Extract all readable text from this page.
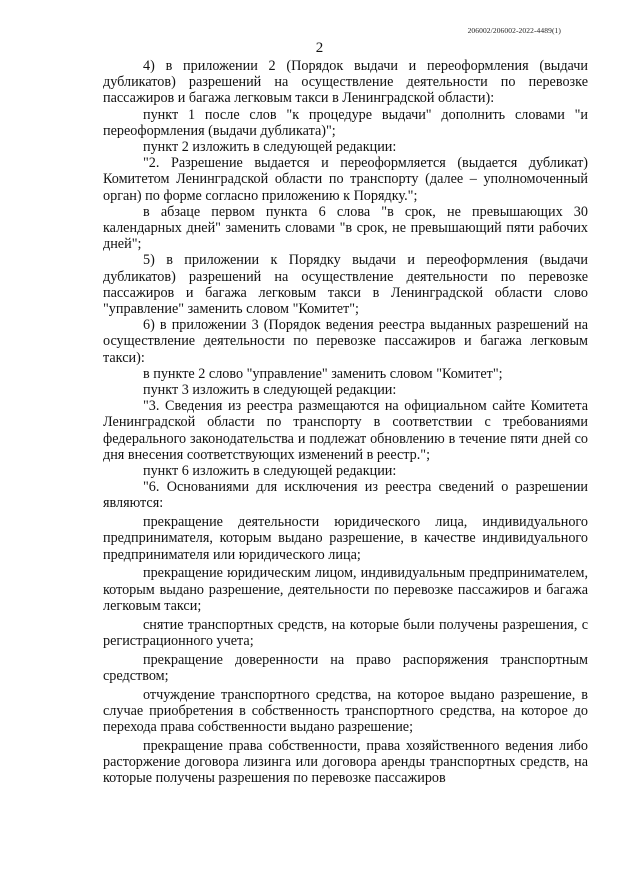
206002/206002-2022-4489(1)
2

4) в приложении 2 (Порядок выдачи и переоформления (выдачи дубликатов) разрешений на осуществление деятельности по перевозке пассажиров и багажа легковым такси в Ленинградской области):

пункт 1 после слов "к процедуре выдачи" дополнить словами "и переоформления (выдачи дубликата)";

пункт 2 изложить в следующей редакции:

"2. Разрешение выдается и переоформляется (выдается дубликат) Комитетом Ленинградской области по транспорту (далее – уполномоченный орган) по форме согласно приложению к Порядку.";

в абзаце первом пункта 6 слова "в срок, не превышающих 30 календарных дней" заменить словами "в срок, не превышающий пяти рабочих дней";

5) в приложении к Порядку выдачи и переоформления (выдачи дубликатов) разрешений на осуществление деятельности по перевозке пассажиров и багажа легковым такси в Ленинградской области слово "управление" заменить словом "Комитет";

6) в приложении 3 (Порядок ведения реестра выданных разрешений на осуществление деятельности по перевозке пассажиров и багажа легковым такси):

в пункте 2 слово "управление" заменить словом "Комитет";

пункт 3 изложить в следующей редакции:

"3. Сведения из реестра размещаются на официальном сайте Комитета Ленинградской области по транспорту в соответствии с требованиями федерального законодательства и подлежат обновлению в течение пяти дней со дня внесения соответствующих изменений в реестр.";

пункт 6 изложить в следующей редакции:

"6. Основаниями для исключения из реестра сведений о разрешении являются:

прекращение деятельности юридического лица, индивидуального предпринимателя, которым выдано разрешение, в качестве индивидуального предпринимателя или юридического лица;

прекращение юридическим лицом, индивидуальным предпринимателем, которым выдано разрешение, деятельности по перевозке пассажиров и багажа легковым такси;

снятие транспортных средств, на которые были получены разрешения, с регистрационного учета;

прекращение доверенности на право распоряжения транспортным средством;

отчуждение транспортного средства, на которое выдано разрешение, в случае приобретения в собственность транспортного средства, на которое до перехода права собственности выдано разрешение;

прекращение права собственности, права хозяйственного ведения либо расторжение договора лизинга или договора аренды транспортных средств, на которые получены разрешения по перевозке пассажиров
